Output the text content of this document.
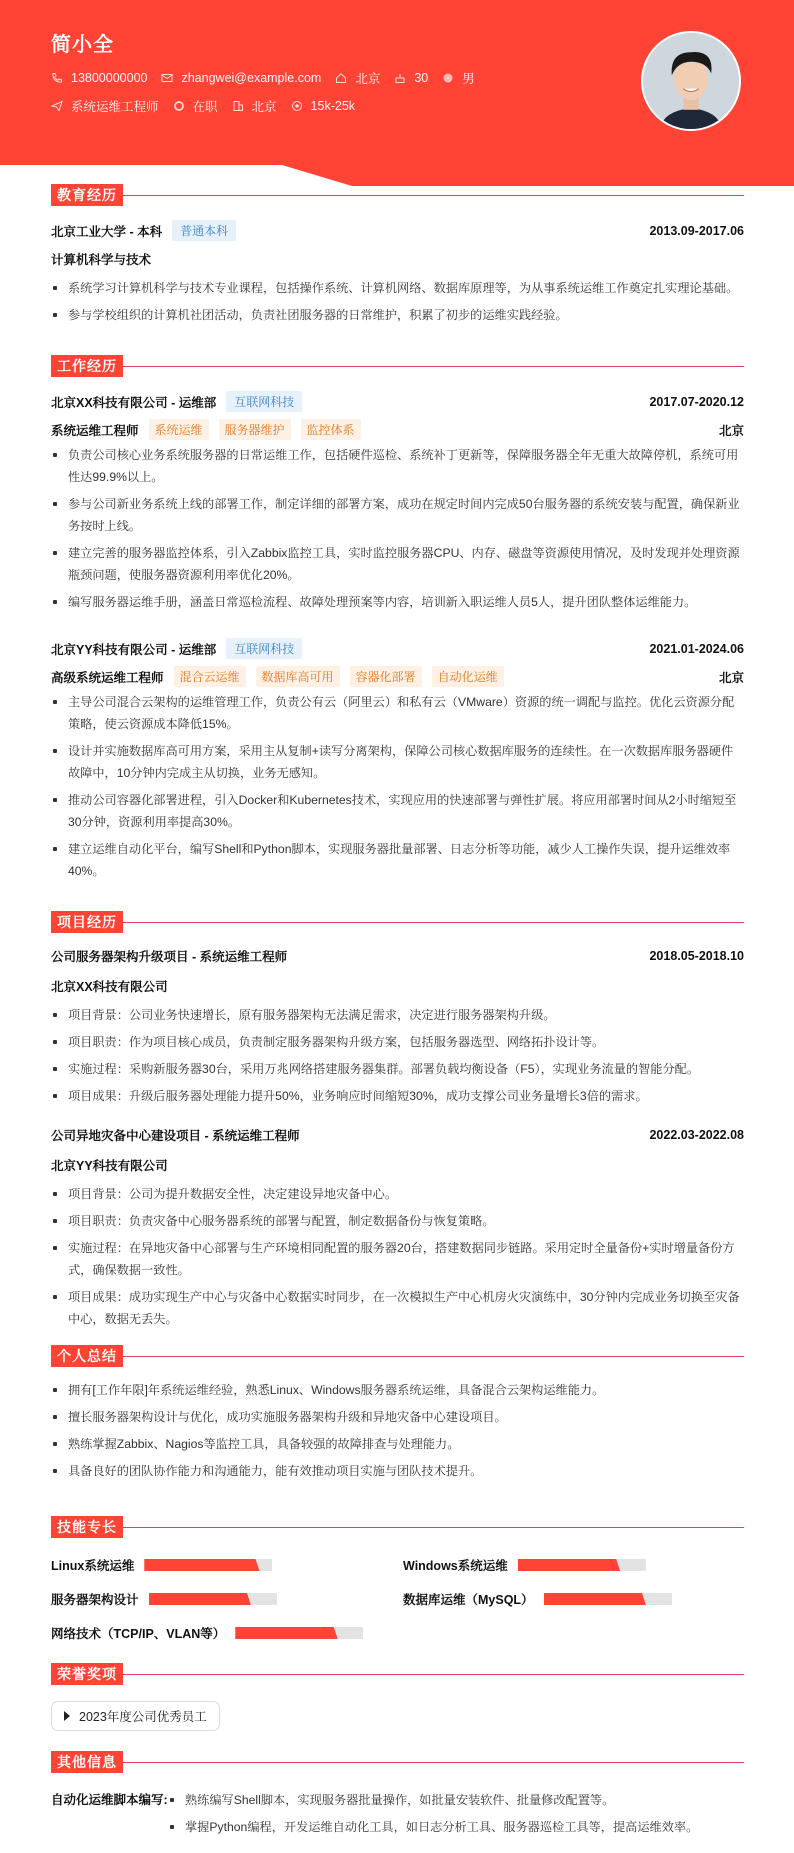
简小全
13800000000	zhangwei@example.com	北京	30	男
系统运维工程师	在职	北京	15k-25k
教育经历
北京工业大学 - 本科	普通本科	2013.09-2017.06
计算机科学与技术
系统学习计算机科学与技术专业课程，包括操作系统、计算机网络、数据库原理等，为从事系统运维工作奠定扎实理论基础。
参与学校组织的计算机社团活动，负责社团服务器的日常维护，积累了初步的运维实践经验。
工作经历
北京XX科技有限公司 - 运维部	互联网科技	2017.07-2020.12
系统运维工程师	系统运维	服务器维护	监控体系	北京
负责公司核心业务系统服务器的日常运维工作，包括硬件巡检、系统补丁更新等，保障服务器全年无重大故障停机，系统可用性达99.9%以上。
参与公司新业务系统上线的部署工作，制定详细的部署方案，成功在规定时间内完成50台服务器的系统安装与配置，确保新业务按时上线。
建立完善的服务器监控体系，引入Zabbix监控工具，实时监控服务器CPU、内存、磁盘等资源使用情况，及时发现并处理资源瓶颈问题，使服务器资源利用率优化20%。
编写服务器运维手册，涵盖日常巡检流程、故障处理预案等内容，培训新入职运维人员5人，提升团队整体运维能力。
北京YY科技有限公司 - 运维部	互联网科技	2021.01-2024.06
高级系统运维工程师	混合云运维	数据库高可用	容器化部署	自动化运维	北京
主导公司混合云架构的运维管理工作，负责公有云（阿里云）和私有云（VMware）资源的统一调配与监控。优化云资源分配策略，使云资源成本降低15%。
设计并实施数据库高可用方案，采用主从复制+读写分离架构，保障公司核心数据库服务的连续性。在一次数据库服务器硬件故障中，10分钟内完成主从切换，业务无感知。
推动公司容器化部署进程，引入Docker和Kubernetes技术，实现应用的快速部署与弹性扩展。将应用部署时间从2小时缩短至30分钟，资源利用率提高30%。
建立运维自动化平台，编写Shell和Python脚本，实现服务器批量部署、日志分析等功能，减少人工操作失误，提升运维效率40%。
项目经历
公司服务器架构升级项目 - 系统运维工程师	2018.05-2018.10
北京XX科技有限公司
项目背景：公司业务快速增长，原有服务器架构无法满足需求，决定进行服务器架构升级。
项目职责：作为项目核心成员，负责制定服务器架构升级方案，包括服务器选型、网络拓扑设计等。
实施过程：采购新服务器30台，采用万兆网络搭建服务器集群。部署负载均衡设备（F5），实现业务流量的智能分配。
项目成果：升级后服务器处理能力提升50%，业务响应时间缩短30%，成功支撑公司业务量增长3倍的需求。
公司异地灾备中心建设项目 - 系统运维工程师	2022.03-2022.08
北京YY科技有限公司
项目背景：公司为提升数据安全性，决定建设异地灾备中心。
项目职责：负责灾备中心服务器系统的部署与配置，制定数据备份与恢复策略。
实施过程：在异地灾备中心部署与生产环境相同配置的服务器20台，搭建数据同步链路。采用定时全量备份+实时增量备份方式，确保数据一致性。
项目成果：成功实现生产中心与灾备中心数据实时同步，在一次模拟生产中心机房火灾演练中，30分钟内完成业务切换至灾备中心，数据无丢失。
个人总结
拥有[工作年限]年系统运维经验，熟悉Linux、Windows服务器系统运维，具备混合云架构运维能力。
擅长服务器架构设计与优化，成功实施服务器架构升级和异地灾备中心建设项目。
熟练掌握Zabbix、Nagios等监控工具，具备较强的故障排查与处理能力。
具备良好的团队协作能力和沟通能力，能有效推动项目实施与团队技术提升。
技能专长
Linux系统运维	Windows系统运维
服务器架构设计	数据库运维（MySQL）
网络技术（TCP/IP、VLAN等）
荣誉奖项
2023年度公司优秀员工
其他信息
自动化运维脚本编写:	熟练编写Shell脚本，实现服务器批量操作，如批量安装软件、批量修改配置等。
掌握Python编程，开发运维自动化工具，如日志分析工具、服务器巡检工具等，提高运维效率。
